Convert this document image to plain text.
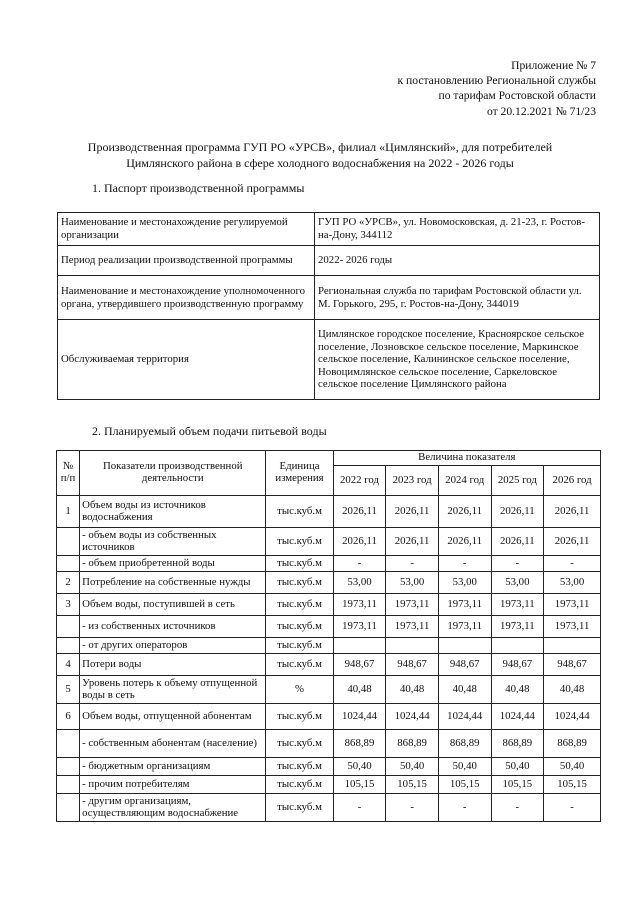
Приложение № 7
к постановлению Региональной службы
по тарифам Ростовской области
от 20.12.2021 № 71/23
Производственная программа ГУП РО «УРСВ», филиал «Цимлянский», для потребителей
Цимлянского района в сфере холодного водоснабжения на 2022 - 2026 годы
1. Паспорт производственной программы
Наименование и местонахождение регулируемой организации	ГУП РО «УРСВ», ул. Новомосковская, д. 21-23, г. Ростов-на-Дону, 344112
Период реализации производственной программы	2022- 2026 годы
Наименование и местонахождение уполномоченного органа, утвердившего производственную программу	Региональная служба по тарифам Ростовской области ул. М. Горького, 295, г. Ростов-на-Дону, 344019
Обслуживаемая территория	Цимлянское городское поселение, Красноярское сельское поселение, Лозновское сельское поселение, Маркинское сельское поселение, Калининское сельское поселение, Новоцимлянское сельское поселение, Саркеловское сельское поселение Цимлянского района
2. Планируемый объем подачи питьевой воды
№ п/п	Показатели производственной деятельности	Единица измерения	Величина показателя				
			2022 год	2023 год	2024 год	2025 год	2026 год
1	Объем воды из источников водоснабжения	тыс.куб.м	2026,11	2026,11	2026,11	2026,11	2026,11
	- объем воды из собственных источников	тыс.куб.м	2026,11	2026,11	2026,11	2026,11	2026,11
	- объем приобретенной воды	тыс.куб.м	-	-	-	-	-
2	Потребление на собственные нужды	тыс.куб.м	53,00	53,00	53,00	53,00	53,00
3	Объем воды, поступившей в сеть	тыс.куб.м	1973,11	1973,11	1973,11	1973,11	1973,11
	- из собственных источников	тыс.куб.м	1973,11	1973,11	1973,11	1973,11	1973,11
	- от других операторов	тыс.куб.м					
4	Потери воды	тыс.куб.м	948,67	948,67	948,67	948,67	948,67
5	Уровень потерь к объему отпущенной воды в сеть	%	40,48	40,48	40,48	40,48	40,48
6	Объем воды, отпущенной абонентам	тыс.куб.м	1024,44	1024,44	1024,44	1024,44	1024,44
	- собственным абонентам (население)	тыс.куб.м	868,89	868,89	868,89	868,89	868,89
	- бюджетным организациям	тыс.куб.м	50,40	50,40	50,40	50,40	50,40
	- прочим потребителям	тыс.куб.м	105,15	105,15	105,15	105,15	105,15
	- другим организациям, осуществляющим водоснабжение	тыс.куб.м	-	-	-	-	-
